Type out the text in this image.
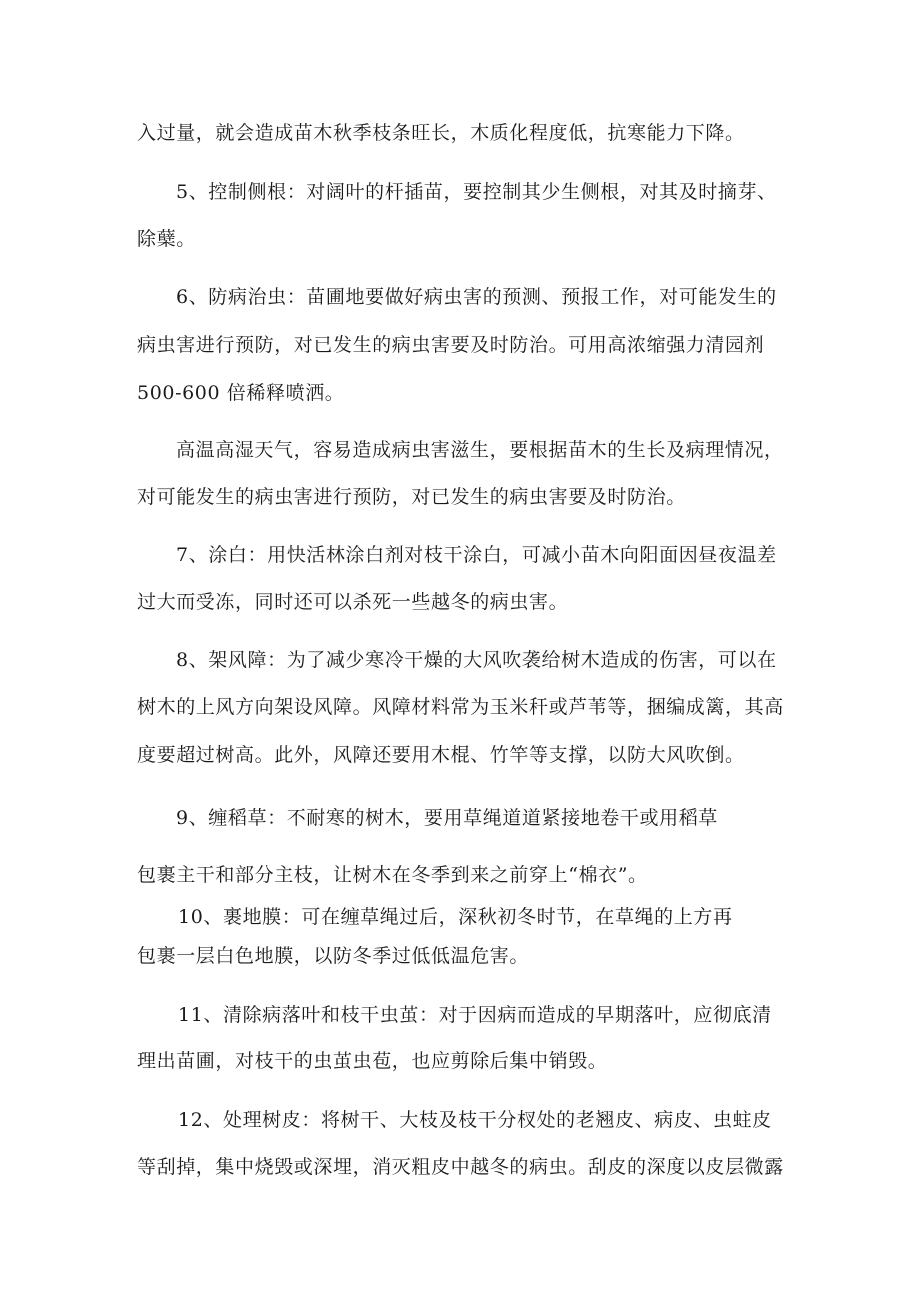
入过量，就会造成苗木秋季枝条旺长，木质化程度低，抗寒能力下降。
5、控制侧根：对阔叶的杆插苗，要控制其少生侧根，对其及时摘芽、
除蘖。
6、防病治虫：苗圃地要做好病虫害的预测、预报工作，对可能发生的
病虫害进行预防，对已发生的病虫害要及时防治。可用高浓缩强力清园剂
500-600 倍稀释喷洒。
高温高湿天气，容易造成病虫害滋生，要根据苗木的生长及病理情况，
对可能发生的病虫害进行预防，对已发生的病虫害要及时防治。
7、涂白：用快活林涂白剂对枝干涂白，可减小苗木向阳面因昼夜温差
过大而受冻，同时还可以杀死一些越冬的病虫害。
8、架风障：为了减少寒冷干燥的大风吹袭给树木造成的伤害，可以在
树木的上风方向架设风障。风障材料常为玉米秆或芦苇等，捆编成篱，其高
度要超过树高。此外，风障还要用木棍、竹竿等支撑，以防大风吹倒。
9、缠稻草：不耐寒的树木，要用草绳道道紧接地卷干或用稻草
包裹主干和部分主枝，让树木在冬季到来之前穿上“棉衣”。
10、裹地膜：可在缠草绳过后，深秋初冬时节，在草绳的上方再
包裹一层白色地膜，以防冬季过低低温危害。
11、清除病落叶和枝干虫茧：对于因病而造成的早期落叶，应彻底清
理出苗圃，对枝干的虫茧虫苞，也应剪除后集中销毁。
12、处理树皮：将树干、大枝及枝干分杈处的老翘皮、病皮、虫蛀皮
等刮掉，集中烧毁或深埋，消灭粗皮中越冬的病虫。刮皮的深度以皮层微露
